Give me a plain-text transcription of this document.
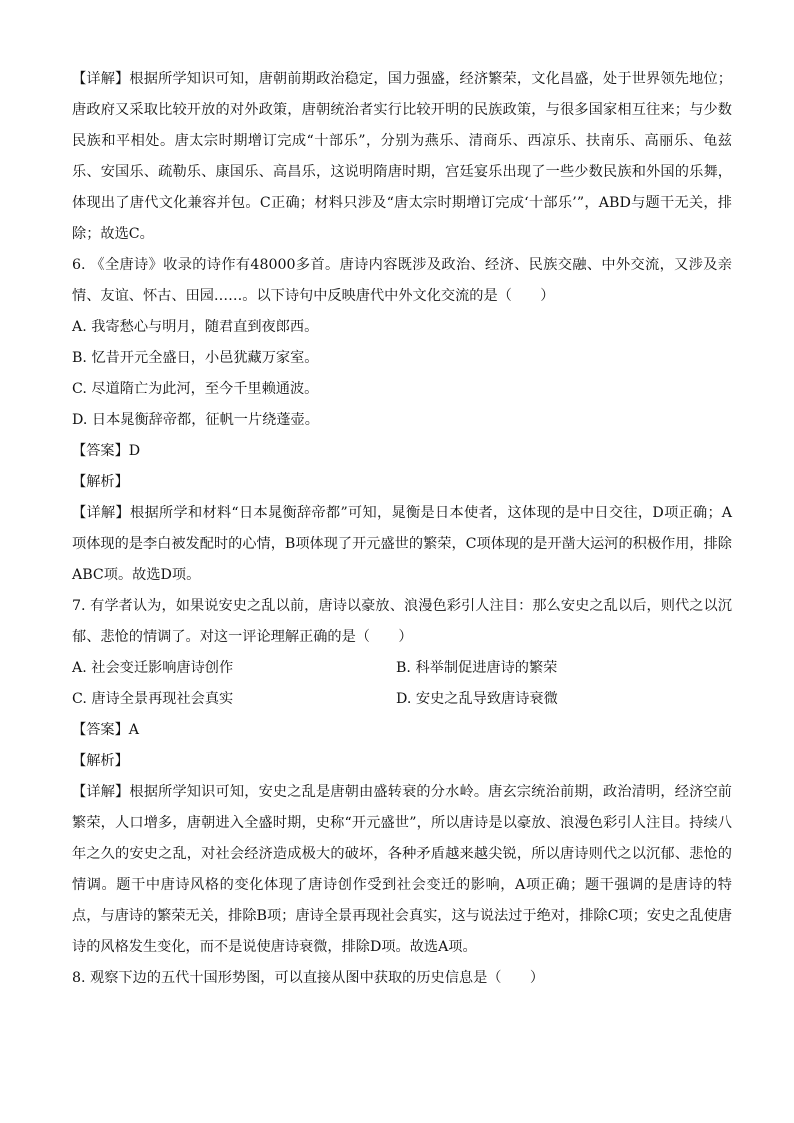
【详解】根据所学知识可知，唐朝前期政治稳定，国力强盛，经济繁荣，文化昌盛，处于世界领先地位；唐政府又采取比较开放的对外政策，唐朝统治者实行比较开明的民族政策，与很多国家相互往来；与少数民族和平相处。唐太宗时期增订完成“十部乐”，分别为燕乐、清商乐、西凉乐、扶南乐、高丽乐、龟兹乐、安国乐、疏勒乐、康国乐、高昌乐，这说明隋唐时期，宫廷宴乐出现了一些少数民族和外国的乐舞，体现出了唐代文化兼容并包。C正确；材料只涉及“唐太宗时期增订完成‘十部乐’”，ABD与题干无关，排除；故选C。

6. 《全唐诗》收录的诗作有48000多首。唐诗内容既涉及政治、经济、民族交融、中外交流，又涉及亲情、友谊、怀古、田园……。以下诗句中反映唐代中外文化交流的是（　　）

A. 我寄愁心与明月，随君直到夜郎西。

B. 忆昔开元全盛日，小邑犹藏万家室。

C. 尽道隋亡为此河，至今千里赖通波。

D. 日本晁衡辞帝都，征帆一片绕蓬壶。

【答案】D

【解析】

【详解】根据所学和材料“日本晁衡辞帝都”可知，晁衡是日本使者，这体现的是中日交往，D项正确；A项体现的是李白被发配时的心情，B项体现了开元盛世的繁荣，C项体现的是开凿大运河的积极作用，排除ABC项。故选D项。

7. 有学者认为，如果说安史之乱以前，唐诗以豪放、浪漫色彩引人注目：那么安史之乱以后，则代之以沉郁、悲怆的情调了。对这一评论理解正确的是（　　）

A. 社会变迁影响唐诗创作	B. 科举制促进唐诗的繁荣

C. 唐诗全景再现社会真实	D. 安史之乱导致唐诗衰微

【答案】A

【解析】

【详解】根据所学知识可知，安史之乱是唐朝由盛转衰的分水岭。唐玄宗统治前期，政治清明，经济空前繁荣，人口增多，唐朝进入全盛时期，史称“开元盛世”，所以唐诗是以豪放、浪漫色彩引人注目。持续八年之久的安史之乱，对社会经济造成极大的破坏，各种矛盾越来越尖锐，所以唐诗则代之以沉郁、悲怆的情调。题干中唐诗风格的变化体现了唐诗创作受到社会变迁的影响，A项正确；题干强调的是唐诗的特点，与唐诗的繁荣无关，排除B项；唐诗全景再现社会真实，这与说法过于绝对，排除C项；安史之乱使唐诗的风格发生变化，而不是说使唐诗衰微，排除D项。故选A项。

8. 观察下边的五代十国形势图，可以直接从图中获取的历史信息是（　　）
